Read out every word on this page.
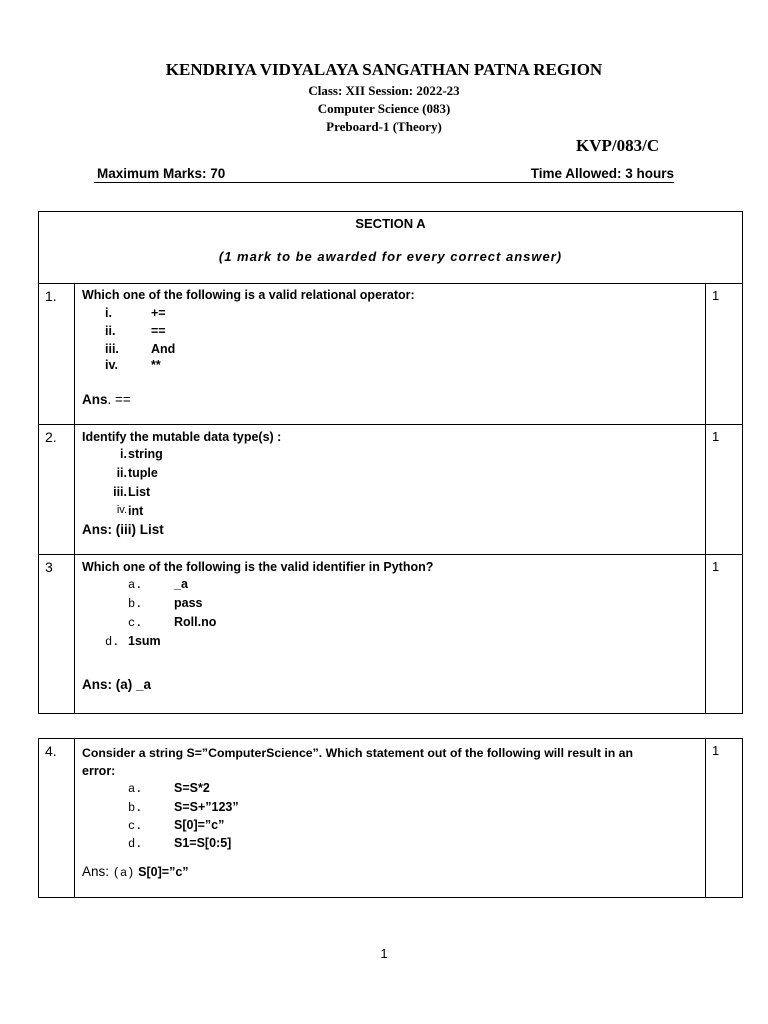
KENDRIYA VIDYALAYA SANGATHAN PATNA REGION
Class: XII Session: 2022-23
Computer Science (083)
Preboard-1 (Theory)
KVP/083/C
Maximum Marks: 70	Time Allowed: 3 hours
SECTION A
(1 mark to be awarded for every correct answer)
1.	Which one of the following is a valid relational operator:
i.	+=
ii.	==
iii.	And
iv.	**
Ans. ==
1
2.	Identify the mutable data type(s) :
i. string
ii. tuple
iii. List
iv. int
Ans: (iii) List
1
3	Which one of the following is the valid identifier in Python?
a.	_a
b.	pass
c.	Roll.no
d. 1sum
Ans: (a) _a
1
4.	Consider a string S=”ComputerScience”. Which statement out of the following will result in an
error:
a.	S=S*2
b.	S=S+”123”
c.	S[0]=”c”
d.	S1=S[0:5]
Ans: (a) S[0]=”c”
1
1
